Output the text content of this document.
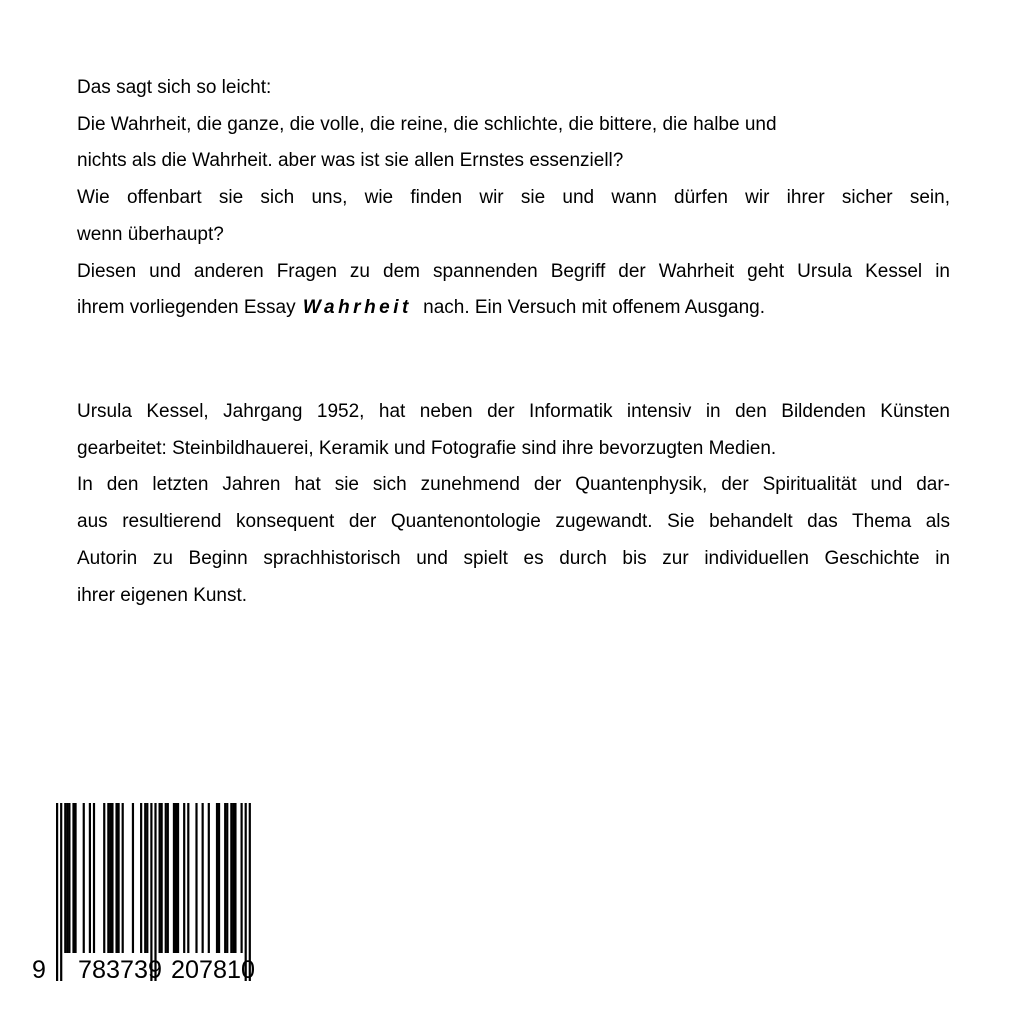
Das sagt sich so leicht:
Die Wahrheit, die ganze, die volle, die reine, die schlichte, die bittere, die halbe und
nichts als die Wahrheit. aber was ist sie allen Ernstes essenziell?
Wie offenbart sie sich uns, wie finden wir sie und wann dürfen wir ihrer sicher sein,
wenn überhaupt?
Diesen und anderen Fragen zu dem spannenden Begriff der Wahrheit geht Ursula Kessel in
ihrem vorliegenden Essay Wahrheit nach. Ein Versuch mit offenem Ausgang.
Ursula Kessel, Jahrgang 1952, hat neben der Informatik intensiv in den Bildenden Künsten
gearbeitet: Steinbildhauerei, Keramik und Fotografie sind ihre bevorzugten Medien.
In den letzten Jahren hat sie sich zunehmend der Quantenphysik, der Spiritualität und dar-
aus resultierend konsequent der Quantenontologie zugewandt. Sie behandelt das Thema als
Autorin zu Beginn sprachhistorisch und spielt es durch bis zur individuellen Geschichte in
ihrer eigenen Kunst.
9 783739 207810
